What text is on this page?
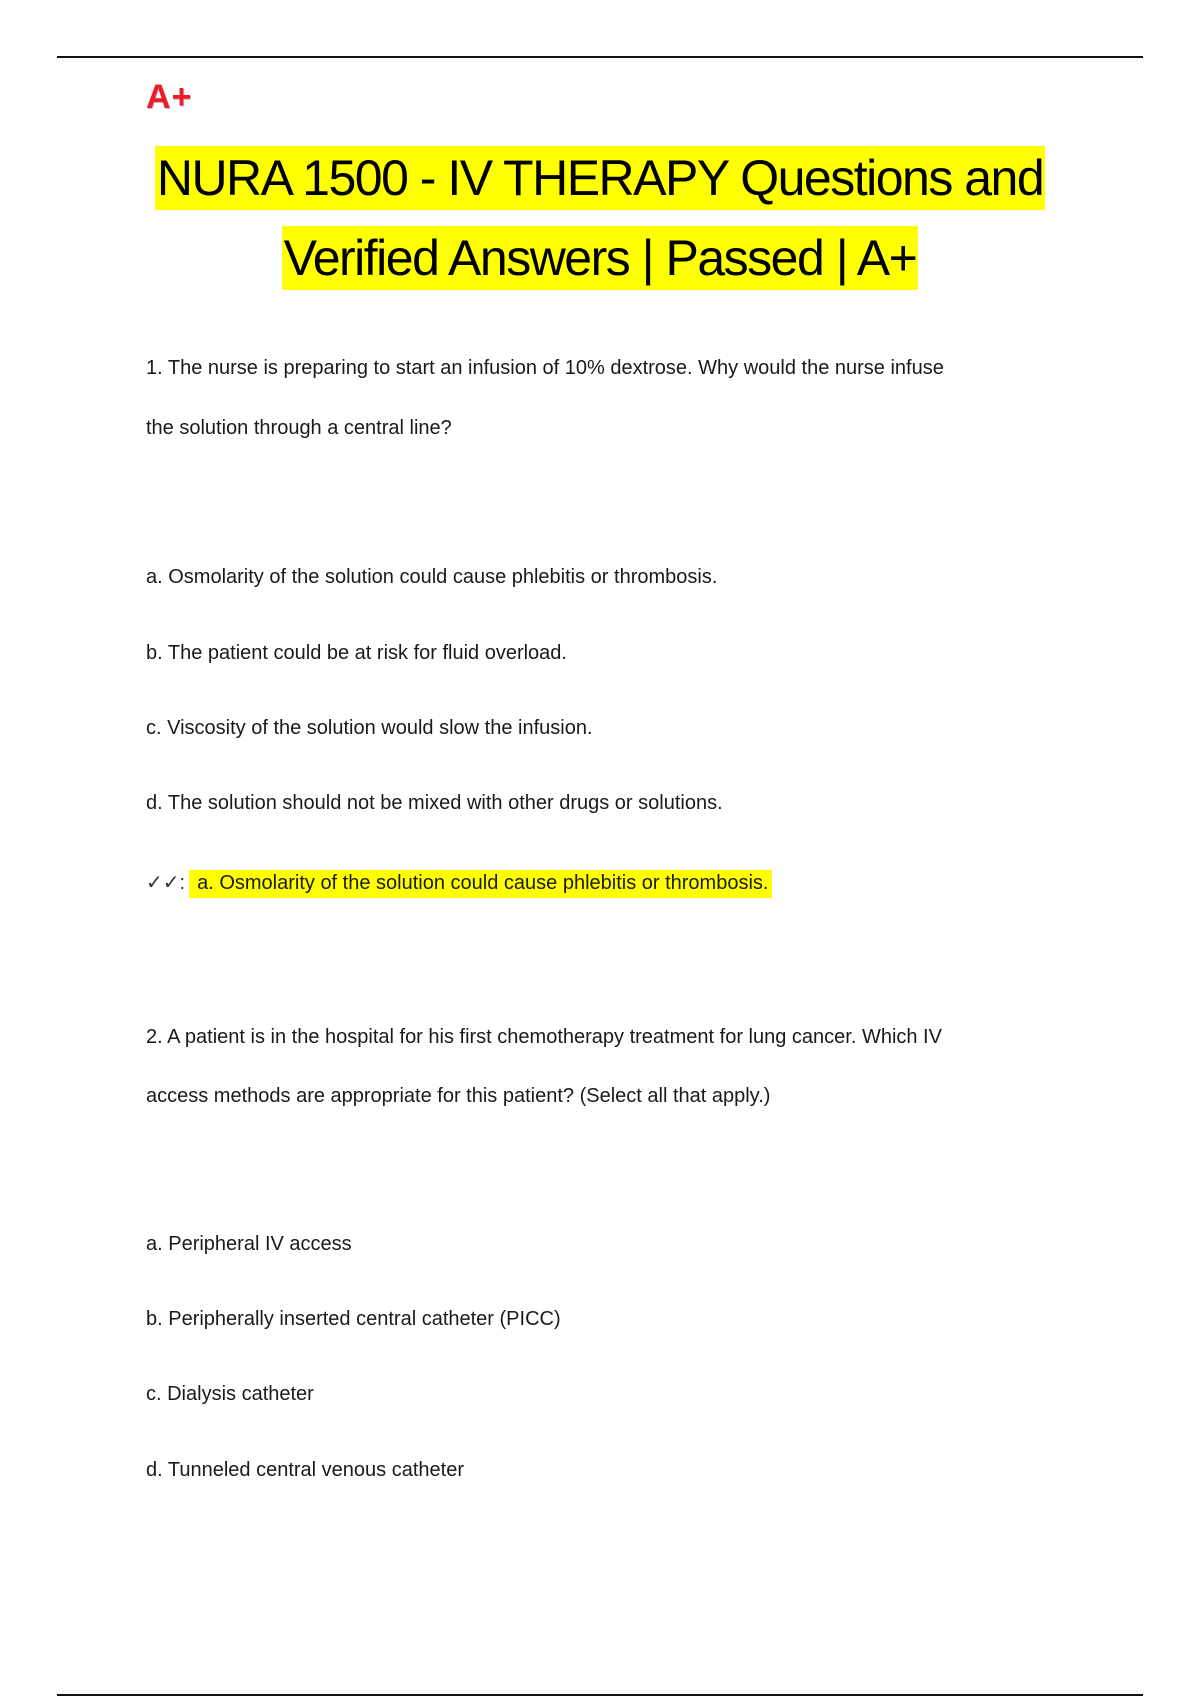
A+
NURA 1500 - IV THERAPY Questions and
Verified Answers | Passed | A+
1. The nurse is preparing to start an infusion of 10% dextrose. Why would the nurse infuse
the solution through a central line?
a. Osmolarity of the solution could cause phlebitis or thrombosis.
b. The patient could be at risk for fluid overload.
c. Viscosity of the solution would slow the infusion.
d. The solution should not be mixed with other drugs or solutions.
✓✓: a. Osmolarity of the solution could cause phlebitis or thrombosis.
2. A patient is in the hospital for his first chemotherapy treatment for lung cancer. Which IV
access methods are appropriate for this patient? (Select all that apply.)
a. Peripheral IV access
b. Peripherally inserted central catheter (PICC)
c. Dialysis catheter
d. Tunneled central venous catheter
